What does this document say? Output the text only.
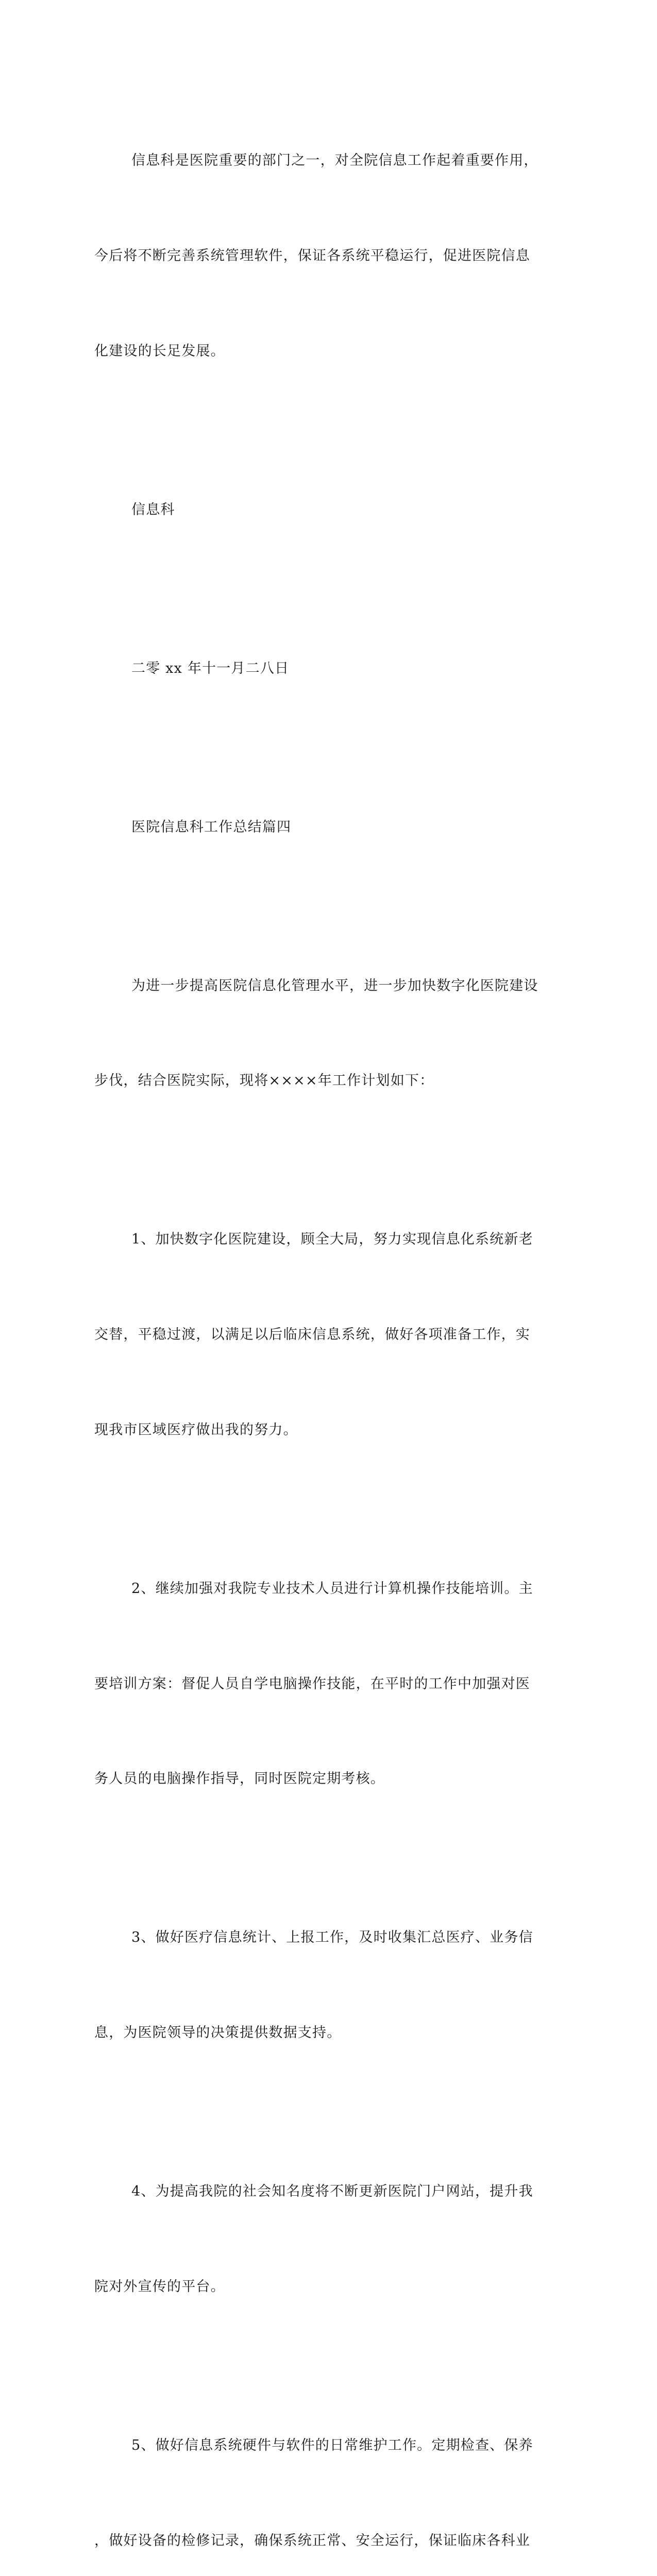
信息科是医院重要的部门之一，对全院信息工作起着重要作用，

今后将不断完善系统管理软件，保证各系统平稳运行，促进医院信息

化建设的长足发展。

信息科

二零 xx 年十一月二八日

医院信息科工作总结篇四

为进一步提高医院信息化管理水平，进一步加快数字化医院建设

步伐，结合医院实际，现将××××年工作计划如下：

1、加快数字化医院建设，顾全大局，努力实现信息化系统新老

交替，平稳过渡，以满足以后临床信息系统，做好各项准备工作，实

现我市区域医疗做出我的努力。

2、继续加强对我院专业技术人员进行计算机操作技能培训。主

要培训方案：督促人员自学电脑操作技能，在平时的工作中加强对医

务人员的电脑操作指导，同时医院定期考核。

3、做好医疗信息统计、上报工作，及时收集汇总医疗、业务信

息，为医院领导的决策提供数据支持。

4、为提高我院的社会知名度将不断更新医院门户网站，提升我

院对外宣传的平台。

5、做好信息系统硬件与软件的日常维护工作。定期检查、保养

，做好设备的检修记录，确保系统正常、安全运行，保证临床各科业
